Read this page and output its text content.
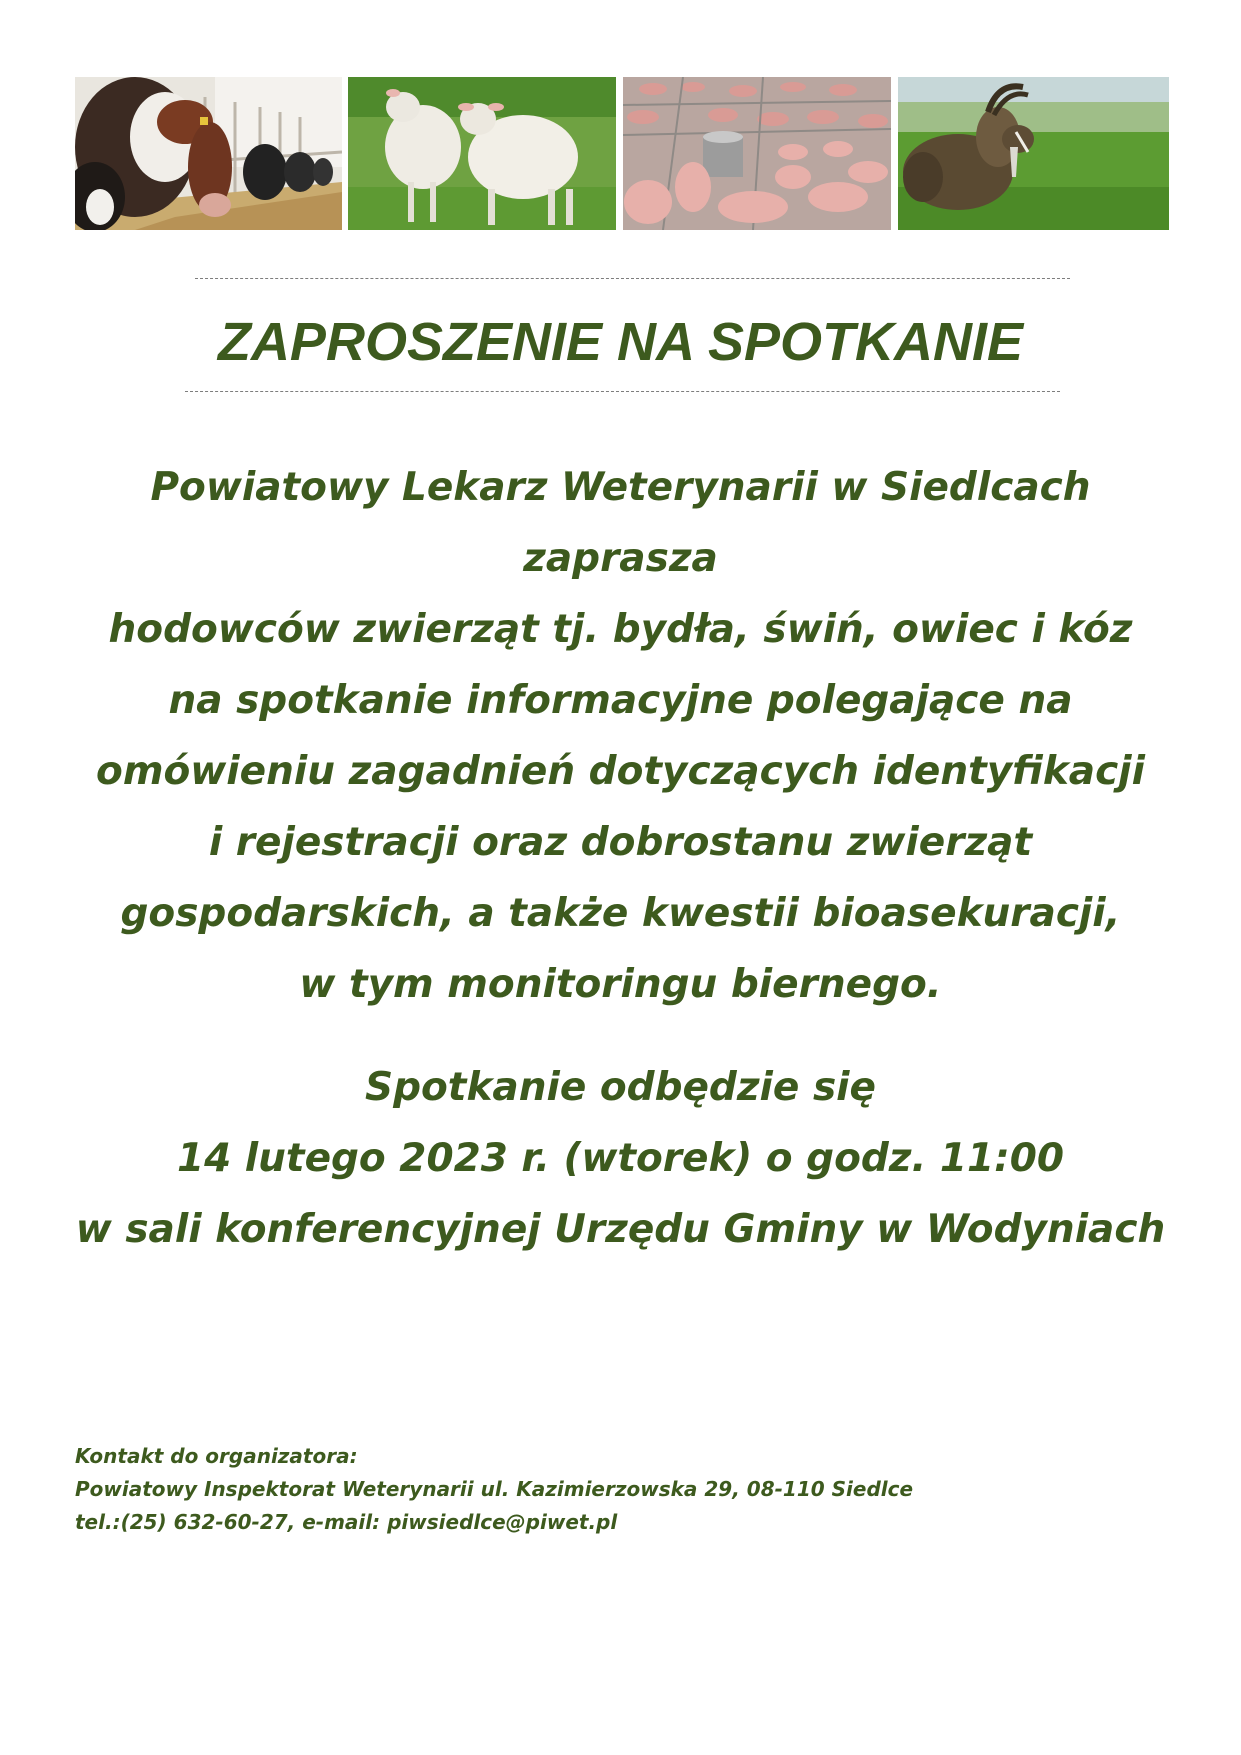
ZAPROSZENIE NA SPOTKANIE
Powiatowy Lekarz Weterynarii w Siedlcach
zaprasza
hodowców zwierząt tj. bydła, świń, owiec i kóz
na spotkanie informacyjne polegające na
omówieniu zagadnień dotyczących identyfikacji
i rejestracji oraz dobrostanu zwierząt
gospodarskich, a także kwestii bioasekuracji,
w tym monitoringu biernego.
Spotkanie odbędzie się
14 lutego 2023 r. (wtorek) o godz. 11:00
w sali konferencyjnej Urzędu Gminy w Wodyniach
Kontakt do organizatora:
Powiatowy Inspektorat Weterynarii ul. Kazimierzowska 29, 08-110 Siedlce
tel.:(25) 632-60-27, e-mail: piwsiedlce@piwet.pl
